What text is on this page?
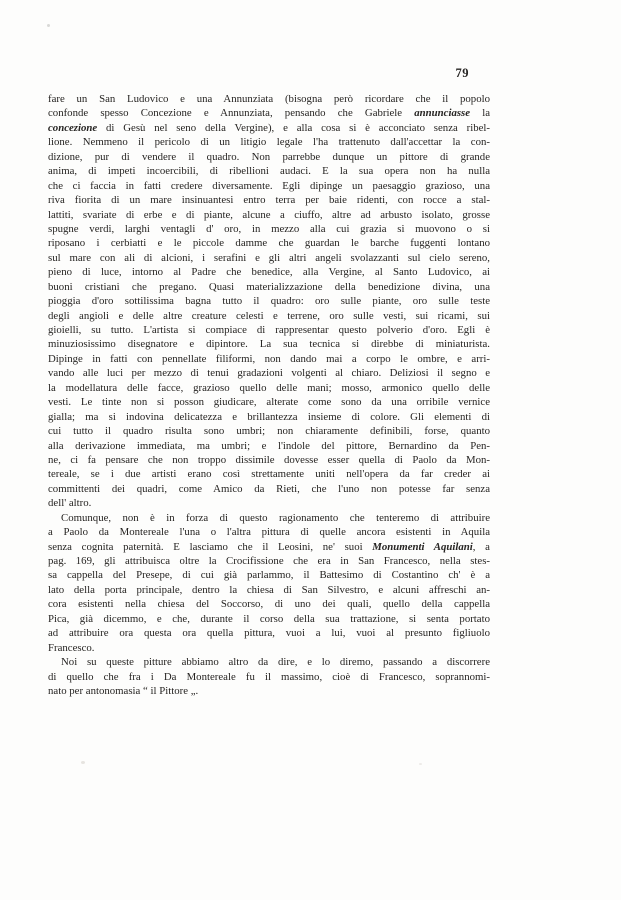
79
fare un San Ludovico e una Annunziata (bisogna però ricordare che il popolo
confonde spesso Concezione e Annunziata, pensando che Gabriele annunciasse la
concezione di Gesù nel seno della Vergine), e alla cosa si è acconciato senza ribel-
lione. Nemmeno il pericolo di un litigio legale l'ha trattenuto dall'accettar la con-
dizione, pur di vendere il quadro. Non parrebbe dunque un pittore di grande
anima, di impeti incoercibili, di ribellioni audaci. E la sua opera non ha nulla
che ci faccia in fatti credere diversamente. Egli dipinge un paesaggio grazioso, una
riva fiorita di un mare insinuantesi entro terra per baie ridenti, con rocce a stal-
lattiti, svariate di erbe e di piante, alcune a ciuffo, altre ad arbusto isolato, grosse
spugne verdi, larghi ventagli d' oro, in mezzo alla cui grazia si muovono o si
riposano i cerbiatti e le piccole damme che guardan le barche fuggenti lontano
sul mare con ali di alcioni, i serafini e gli altri angeli svolazzanti sul cielo sereno,
pieno di luce, intorno al Padre che benedice, alla Vergine, al Santo Ludovico, ai
buoni cristiani che pregano. Quasi materializzazione della benedizione divina, una
pioggia d'oro sottilissima bagna tutto il quadro: oro sulle piante, oro sulle teste
degli angioli e delle altre creature celesti e terrene, oro sulle vesti, sui ricami, sui
gioielli, su tutto. L'artista si compiace di rappresentar questo polverio d'oro. Egli è
minuziosissimo disegnatore e dipintore. La sua tecnica si direbbe di miniaturista.
Dipinge in fatti con pennellate filiformi, non dando mai a corpo le ombre, e arri-
vando alle luci per mezzo di tenui gradazioni volgenti al chiaro. Deliziosi il segno e
la modellatura delle facce, grazioso quello delle mani; mosso, armonico quello delle
vesti. Le tinte non si posson giudicare, alterate come sono da una orribile vernice
gialla; ma si indovina delicatezza e brillantezza insieme di colore. Gli elementi di
cui tutto il quadro risulta sono umbri; non chiaramente definibili, forse, quanto
alla derivazione immediata, ma umbri; e l'indole del pittore, Bernardino da Pen-
ne, ci fa pensare che non troppo dissimile dovesse esser quella di Paolo da Mon-
tereale, se i due artisti erano così strettamente uniti nell'opera da far creder ai
committenti dei quadri, come Amico da Rieti, che l'uno non potesse far senza
dell' altro.
Comunque, non è in forza di questo ragionamento che tenteremo di attribuire
a Paolo da Montereale l'una o l'altra pittura di quelle ancora esistenti in Aquila
senza cognita paternità. E lasciamo che il Leosini, ne' suoi Monumenti Aquilani, a
pag. 169, gli attribuisca oltre la Crocifissione che era in San Francesco, nella stes-
sa cappella del Presepe, di cui già parlammo, il Battesimo di Costantino ch' è a
lato della porta principale, dentro la chiesa di San Silvestro, e alcuni affreschi an-
cora esistenti nella chiesa del Soccorso, di uno dei quali, quello della cappella
Pica, già dicemmo, e che, durante il corso della sua trattazione, si senta portato
ad attribuire ora questa ora quella pittura, vuoi a lui, vuoi al presunto figliuolo
Francesco.
Noi su queste pitture abbiamo altro da dire, e lo diremo, passando a discorrere
di quello che fra i Da Montereale fu il massimo, cioè di Francesco, soprannomi-
nato per antonomasia “ il Pittore „.
